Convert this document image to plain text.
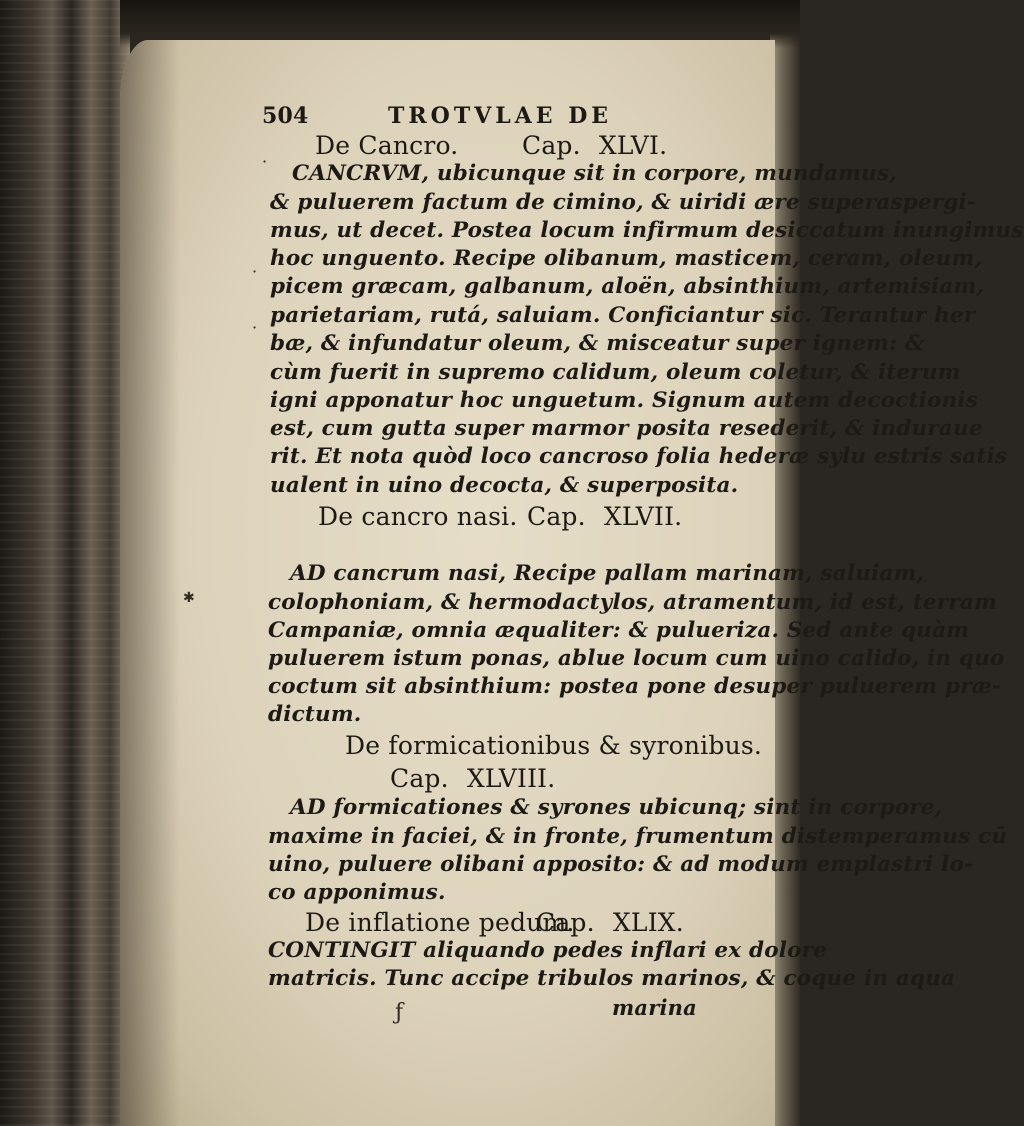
504	TROTVLAE DE
De Cancro.	Cap. XLVI.
CANCRVM, ubicunque sit in corpore, mundamus,
& puluerem factum de cimino, & uiridi ære superaspergi-
mus, ut decet. Postea locum infirmum desiccatum inungimus
hoc unguento. Recipe olibanum, masticem, ceram, oleum,
picem græcam, galbanum, aloën, absinthium, artemisiam,
parietariam, rutá, saluiam. Conficiantur sic. Terantur her
bæ, & infundatur oleum, & misceatur super ignem: &
cùm fuerit in supremo calidum, oleum coletur, & iterum
igni apponatur hoc unguetum. Signum autem decoctionis
est, cum gutta super marmor posita resederit, & induraue
rit. Et nota quòd loco cancroso folia hederæ sylu estris satis
ualent in uino decocta, & superposita.
De cancro nasi. Cap. XLVII.
AD cancrum nasi, Recipe pallam marinam, saluiam,
colophoniam, & hermodactylos, atramentum, id est, terram
Campaniæ, omnia æqualiter: & pulueriza. Sed ante quàm
puluerem istum ponas, ablue locum cum uino calido, in quo
coctum sit absinthium: postea pone desuper puluerem præ-
dictum.
De formicationibus & syronibus.
Cap. XLVIII.
AD formicationes & syrones ubicunq; sint in corpore,
maxime in faciei, & in fronte, frumentum distemperamus cū
uino, puluere olibani apposito: & ad modum emplastri lo-
co apponimus.
De inflatione pedum.
Cap. XLIX.
CONTINGIT aliquando pedes inflari ex dolore
matricis. Tunc accipe tribulos marinos, & coque in aqua
marina
·
·
·
✱
ƒ
